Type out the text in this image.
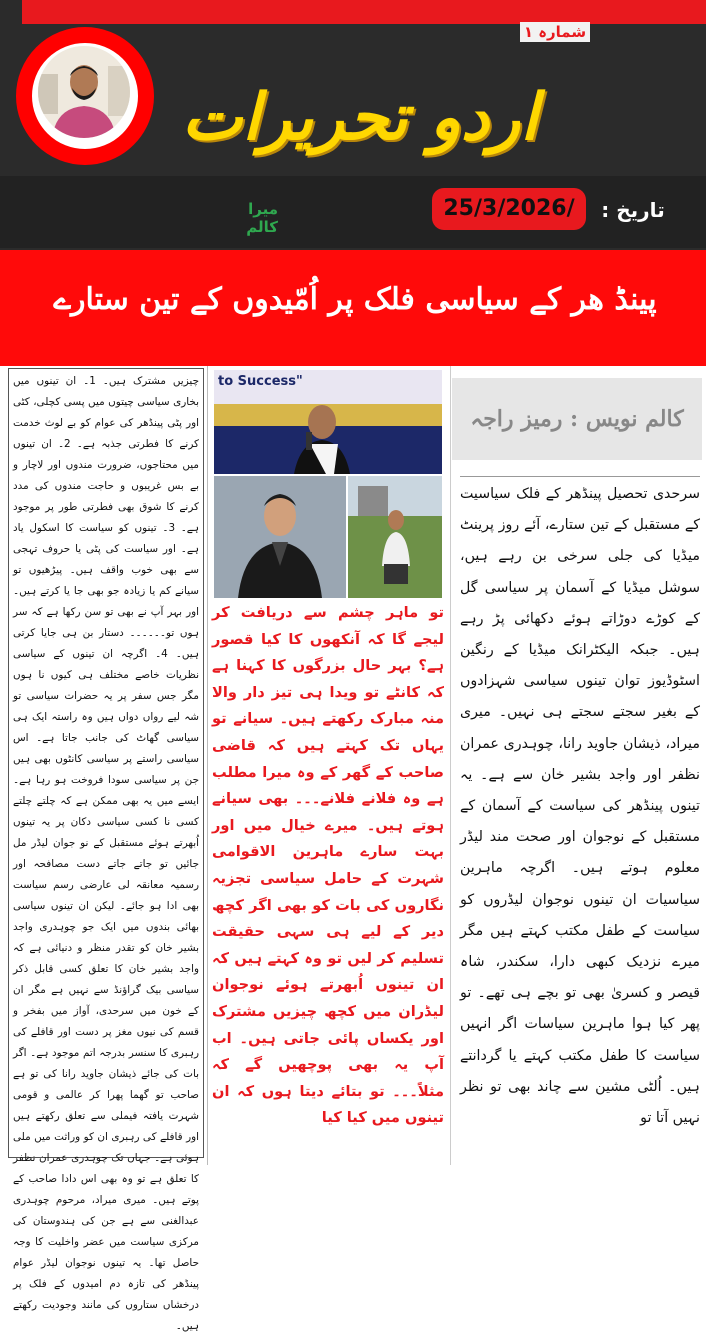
شمارہ ۱
اردو تحریرات
میرا کالم
25/3/2026/	تاریخ :
پینڈ ھر کے سیاسی فلک پر اُمّیدوں کے تین ستارے
کالم نویس : رمیز راجہ

سرحدی تحصیل پینڈھر کے فلک سیاسیت کے مستقبل کے تین ستارے، آئے روز پرینٹ میڈیا کی جلی سرخی بن رہے ہیں، سوشل میڈیا کے آسمان پر سیاسی گل کے کوڑے دوڑاتے ہوئے دکھائی پڑ رہے ہیں۔ جبکہ الیکٹرانک میڈیا کے رنگین اسٹوڈیوز توان تینوں سیاسی شہزادوں کے بغیر سجتے سجتے ہی نہیں۔ میری میراد، ذیشان جاوید رانا، چوہدری عمران نظفر اور واجد بشیر خان سے ہے۔ یہ تینوں پینڈھر کی سیاست کے آسمان کے مستقبل کے نوجوان اور صحت مند لیڈر معلوم ہوتے ہیں۔ اگرچہ ماہرین سیاسیات ان تینوں نوجوان لیڈروں کو سیاست کے طفل مکتب کہتے ہیں مگر میرے نزدیک کبھی دارا، سکندر، شاہ قیصر و کسریٰ بھی تو بچے ہی تھے۔ تو پھر کیا ہوا ماہرین سیاسات اگر انہیں سیاست کا طفل مکتب کہتے یا گردانتے ہیں۔ اُلٹی مشین سے چاند بھی تو نظر نہیں آتا تو

to Success"

تو ماہر چشم سے دریافت کر لیجے گا کہ آنکھوں کا کیا قصور ہے؟ بہر حال بزرگوں کا کہنا ہے کہ کانٹے تو ویدا ہی تیز دار والا منہ مبارک رکھتے ہیں۔ سیانے تو یہاں تک کہتے ہیں کہ قاضی صاحب کے گھر کے وہ میرا مطلب ہے وہ فلانے فلانے۔۔۔ بھی سیانے ہوتے ہیں۔ میرے خیال میں اور بہت سارے ماہرین الاقوامی شہرت کے حامل سیاسی تجزیہ نگاروں کی بات کو بھی اگر کچھ دیر کے لیے ہی سہی حقیقت تسلیم کر لیں تو وہ کہتے ہیں کہ ان تینوں اُبھرتے ہوئے نوجوان لیڈران میں کچھ چیزیں مشترک اور یکساں پائی جاتی ہیں۔ اب آپ یہ بھی پوچھیں گے کہ مثلاً۔۔۔ تو بتائے دیتا ہوں کہ ان تینوں میں کیا کیا

چیزیں مشترک ہیں۔ 1۔ ان تینوں میں بخاری سیاسی چیتوں میں پسی کچلی، کٹی اور پٹی پینڈھر کی عوام کو بے لوث خدمت کرنے کا فطرتی جذبہ ہے۔ 2۔ ان تینوں میں محتاجوں، ضرورت مندوں اور لاچار و بے بس غریبوں و حاجت مندوں کی مدد کرنے کا شوق بھی فطرتی طور پر موجود ہے۔ 3۔ تینوں کو سیاست کا اسکول یاد ہے۔ اور سیاست کی پٹی یا حروف تہجی سے بھی خوب واقف ہیں۔ پیڑھیوں تو سیانے کم یا زیادہ جو بھی جا یا کرتے ہیں۔ اور بہر آپ نے بھی تو سن رکھا ہے کہ سر ہوں تو۔۔۔۔۔۔ دستار بن ہی جایا کرتی ہیں۔ 4۔ اگرچہ ان تینوں کے سیاسی نظریات خاصے مختلف ہی کیوں نا ہوں مگر جس سفر پر یہ حضرات سیاسی تو شہ لیے رواں دواں ہیں وہ راستہ ایک ہی سیاسی گھاٹ کی جانب جاتا ہے۔ اس سیاسی راستے پر سیاسی کانٹوں بھی ہیں جن پر سیاسی سودا فروخت ہو رہا ہے۔ ایسے میں یہ بھی ممکن ہے کہ چلتے چلتے کسی نا کسی سیاسی دکان پر یہ تینوں اُبھرتے ہوئے مستقبل کے نو جوان لیڈر مل جائیں تو جاتے جاتے دست مصافحہ اور رسمیہ معانقہ لی عارضی رسم سیاست بھی ادا ہو جائے۔ لیکن ان تینوں سیاسی بھائی بندوں میں ایک جو چوہدری واجد بشیر خان کو تقدر منظر و دنیائی ہے کہ واجد بشیر خان کا تعلق کسی قابل ذکر سیاسی بیک گراؤنڈ سے نہیں ہے مگر ان کے خون میں سرحدی، آواز میں بفخر و قسم کی نیوں مغز پر دست اور قافلے کی رہبری کا سنسر بدرجہ اتم موجود ہے۔ اگر بات کی جائے ذیشان جاوید رانا کی تو ہے صاحب تو گھما پھرا کر عالمی و قومی شہرت یافتہ فیملی سے تعلق رکھتے ہیں اور قافلے کی رہبری ان کو وراثت میں ملی ہوئی ہے۔ جہاں تک چوہدری عمران نظفر کا تعلق ہے تو وہ بھی اس دادا صاحب کے پوتے ہیں۔ میری میراد، مرحوم چوہدری عبدالغنی سے ہے جن کی ہندوستان کی مرکزی سیاست میں عضر واخلیت کا وجہ حاصل تھا۔ یہ تینوں نوجوان لیڈر عوام پینڈھر کی تازہ دم امیدوں کے فلک پر درخشاں ستاروں کی مانند وجودیت رکھتے ہیں۔
